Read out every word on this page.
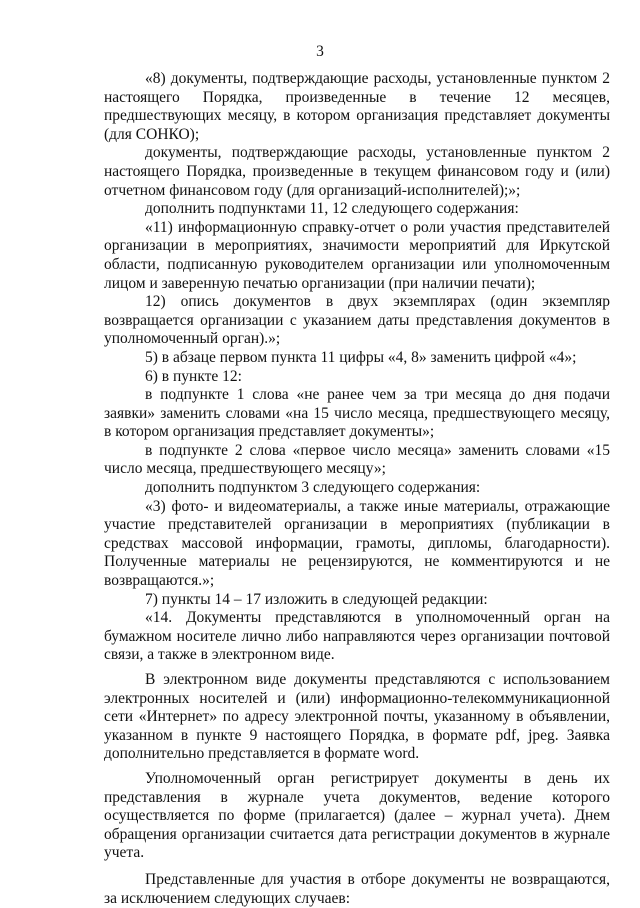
3

«8) документы, подтверждающие расходы, установленные пунктом 2 настоящего Порядка, произведенные в течение 12 месяцев, предшествующих месяцу, в котором организация представляет документы (для СОНКО);

документы, подтверждающие расходы, установленные пунктом 2 настоящего Порядка, произведенные в текущем финансовом году и (или) отчетном финансовом году (для организаций-исполнителей);»;

дополнить подпунктами 11, 12 следующего содержания:

«11) информационную справку-отчет о роли участия представителей организации в мероприятиях, значимости мероприятий для Иркутской области, подписанную руководителем организации или уполномоченным лицом и заверенную печатью организации (при наличии печати);

12) опись документов в двух экземплярах (один экземпляр возвращается организации с указанием даты представления документов в уполномоченный орган).»;

5) в абзаце первом пункта 11 цифры «4, 8» заменить цифрой «4»;

6) в пункте 12:

в подпункте 1 слова «не ранее чем за три месяца до дня подачи заявки» заменить словами «на 15 число месяца, предшествующего месяцу, в котором организация представляет документы»;

в подпункте 2 слова «первое число месяца» заменить словами «15 число месяца, предшествующего месяцу»;

дополнить подпунктом 3 следующего содержания:

«3) фото- и видеоматериалы, а также иные материалы, отражающие участие представителей организации в мероприятиях (публикации в средствах массовой информации, грамоты, дипломы, благодарности). Полученные материалы не рецензируются, не комментируются и не возвращаются.»;

7) пункты 14 – 17 изложить в следующей редакции:

«14. Документы представляются в уполномоченный орган на бумажном носителе лично либо направляются через организации почтовой связи, а также в электронном виде.

В электронном виде документы представляются с использованием электронных носителей и (или) информационно-телекоммуникационной сети «Интернет» по адресу электронной почты, указанному в объявлении, указанном в пункте 9 настоящего Порядка, в формате pdf, jpeg. Заявка дополнительно представляется в формате word.

Уполномоченный орган регистрирует документы в день их представления в журнале учета документов, ведение которого осуществляется по форме (прилагается) (далее – журнал учета). Днем обращения организации считается дата регистрации документов в журнале учета.

Представленные для участия в отборе документы не возвращаются, за исключением следующих случаев:
